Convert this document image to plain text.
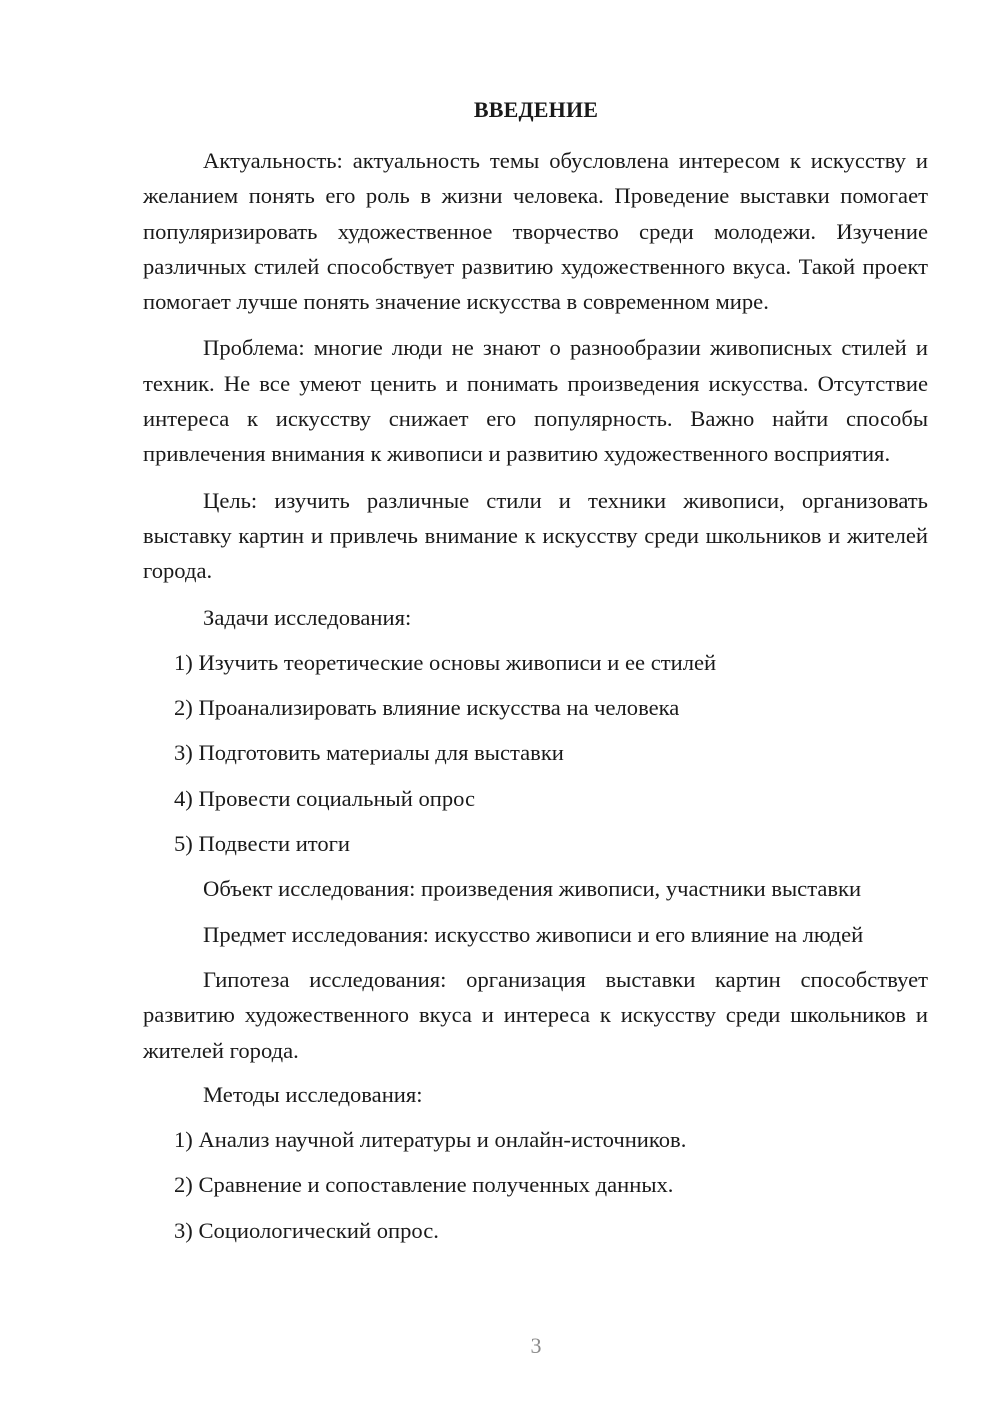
ВВЕДЕНИЕ

Актуальность: актуальность темы обусловлена интересом к искусству и желанием понять его роль в жизни человека. Проведение выставки помогает популяризировать художественное творчество среди молодежи. Изучение различных стилей способствует развитию художественного вкуса. Такой проект помогает лучше понять значение искусства в современном мире.

Проблема: многие люди не знают о разнообразии живописных стилей и техник. Не все умеют ценить и понимать произведения искусства. Отсутствие интереса к искусству снижает его популярность. Важно найти способы привлечения внимания к живописи и развитию художественного восприятия.

Цель: изучить различные стили и техники живописи, организовать выставку картин и привлечь внимание к искусству среди школьников и жителей города.

Задачи исследования:
1) Изучить теоретические основы живописи и ее стилей
2) Проанализировать влияние искусства на человека
3) Подготовить материалы для выставки
4) Провести социальный опрос
5) Подвести итоги
Объект исследования: произведения живописи, участники выставки
Предмет исследования: искусство живописи и его влияние на людей

Гипотеза исследования: организация выставки картин способствует развитию художественного вкуса и интереса к искусству среди школьников и жителей города.

Методы исследования:
1) Анализ научной литературы и онлайн-источников.
2) Сравнение и сопоставление полученных данных.
3) Социологический опрос.
3
